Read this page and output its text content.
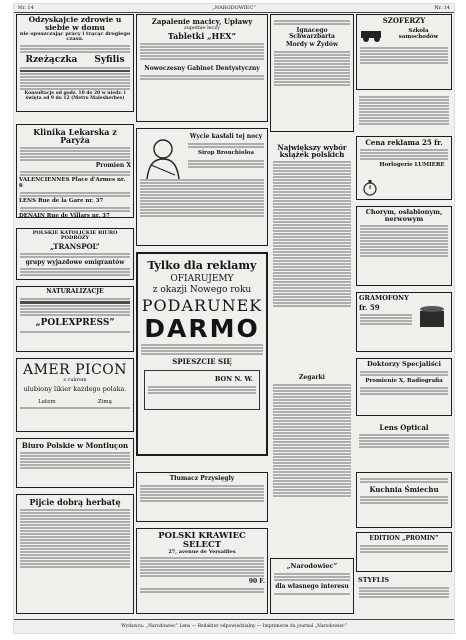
Nr. 14	„NARODOWIEC”	Nr. 14

Odzyskajcie zdrowie u siebie w domu

nie opuszczając pracy i trącąc drogiego czasu.

Rzeżączka Syfilis

Konsultacje od godz. 10 do 20 w niedz. i święta od 9 do 12 (Metro Malesherbes)

Klinika Lekarska z Paryża

Promien X

VALENCIENNES Place d'Armes nr. 6

LENS Rue de la Gare nr. 37

DENAIN Rue de Villars nr. 37

POLSKIE KATOLICKIE BIURO PODRÓŻY

„TRANSPOL”

grupy wyjazdowe emigrantów

NATURALIZACJE

„POLEXPRESS”

AMER PICON

z cukrem

ulubiony likier każdego polaka.

Latem	Zimą

Biuro Polskie w Montluçon

Pijcie dobrą herbatę

Zapalenie macicy, Upławy

zupełnie leczy

Tabletki „HEX”

Nowoczesny Gabinet Dentystyczny

Wycie kasłali tej nocy

Sirop Bronchioloa

Tylko dla reklamy

OFIARUJEMY

z okazji Nowego roku

PODARUNEK

DARMO

SPIESZCIE SIĘ

BON N. W.

Tłumacz Przysięgły

POLSKI KRAWIEC SELECT

27, avenue de Versailles

90 F.

Ignacego Schwarzbarta

Mordy w Żydów

Największy wybór książek polskich

Zegarki

„Narodowiec”

dla własnego interesu

SZOFERZY

Szkoła samochodów

Cena reklama 25 fr.

Horlogerie LUMIERE

Chorym, osłabionym, nerwowym

GRAMOFONY

fr. 59

Doktorzy Specjaliści

Promienie X, Radiografia

Lens Optical

Kuchnia Śmiechu

EDITION „PROMIN”

STYFLIS

Wydawca: „Narodowiec” Lens — Redaktor odpowiedzialny — Imprimerie du journal „Narodowiec”
